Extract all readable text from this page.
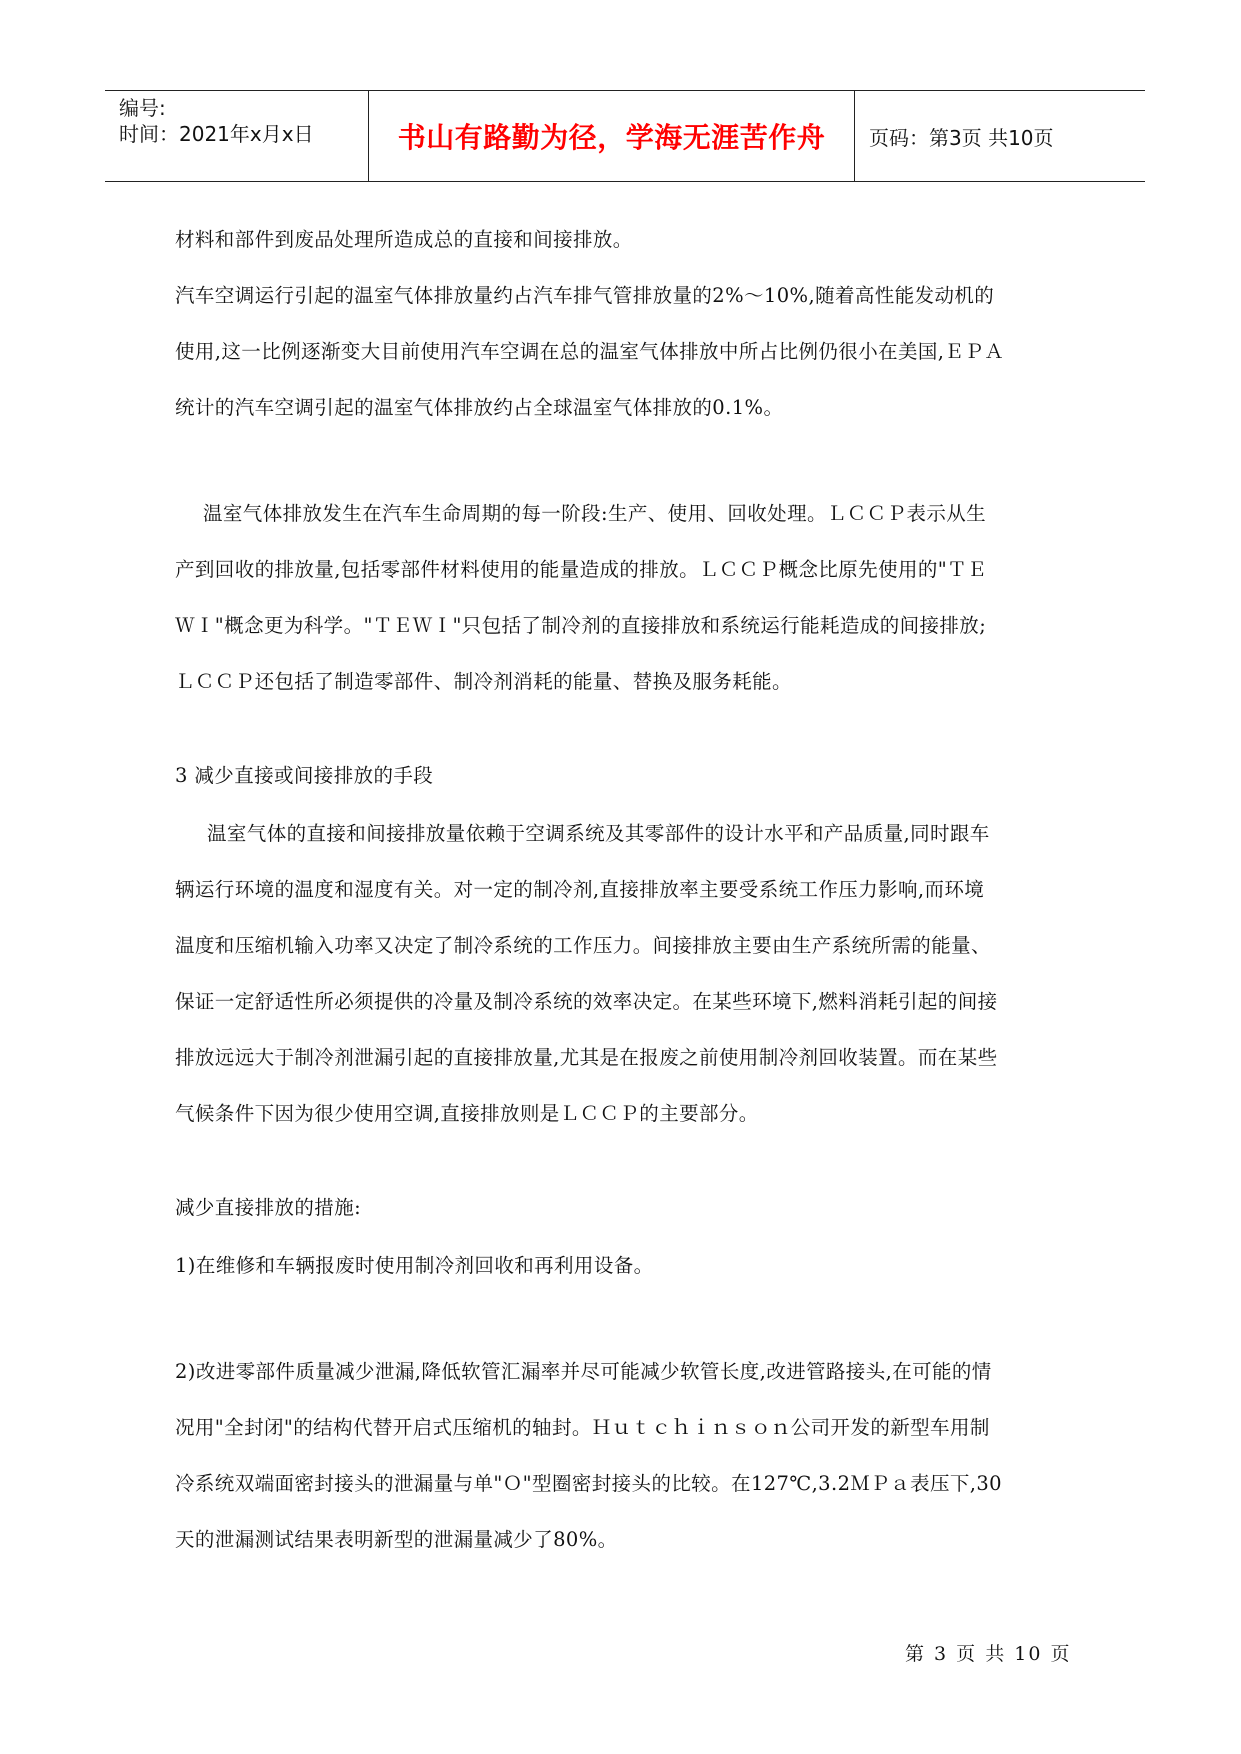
编号:
时间：2021年x月x日	书山有路勤为径，学海无涯苦作舟 页码：第3页 共10页

材料和部件到废品处理所造成总的直接和间接排放。

汽车空调运行引起的温室气体排放量约占汽车排气管排放量的2%～10%,随着高性能发动机的

使用,这一比例逐渐变大目前使用汽车空调在总的温室气体排放中所占比例仍很小在美国,ＥＰＡ

统计的汽车空调引起的温室气体排放约占全球温室气体排放的0.1%。

温室气体排放发生在汽车生命周期的每一阶段:生产、使用、回收处理。ＬＣＣＰ表示从生

产到回收的排放量,包括零部件材料使用的能量造成的排放。ＬＣＣＰ概念比原先使用的"ＴＥ

ＷＩ"概念更为科学。"ＴＥＷＩ"只包括了制冷剂的直接排放和系统运行能耗造成的间接排放;

ＬＣＣＰ还包括了制造零部件、制冷剂消耗的能量、替换及服务耗能。

3 减少直接或间接排放的手段

温室气体的直接和间接排放量依赖于空调系统及其零部件的设计水平和产品质量,同时跟车

辆运行环境的温度和湿度有关。对一定的制冷剂,直接排放率主要受系统工作压力影响,而环境

温度和压缩机输入功率又决定了制冷系统的工作压力。间接排放主要由生产系统所需的能量、

保证一定舒适性所必须提供的冷量及制冷系统的效率决定。在某些环境下,燃料消耗引起的间接

排放远远大于制冷剂泄漏引起的直接排放量,尤其是在报废之前使用制冷剂回收装置。而在某些

气候条件下因为很少使用空调,直接排放则是ＬＣＣＰ的主要部分。

减少直接排放的措施:

1)在维修和车辆报废时使用制冷剂回收和再利用设备。

2)改进零部件质量减少泄漏,降低软管汇漏率并尽可能减少软管长度,改进管路接头,在可能的情

况用"全封闭"的结构代替开启式压缩机的轴封。Ｈｕｔｃｈｉｎｓｏｎ公司开发的新型车用制

冷系统双端面密封接头的泄漏量与单"Ｏ"型圈密封接头的比较。在127℃,3.2ＭＰａ表压下,30

天的泄漏测试结果表明新型的泄漏量减少了80%。

第 3 页 共 10 页
